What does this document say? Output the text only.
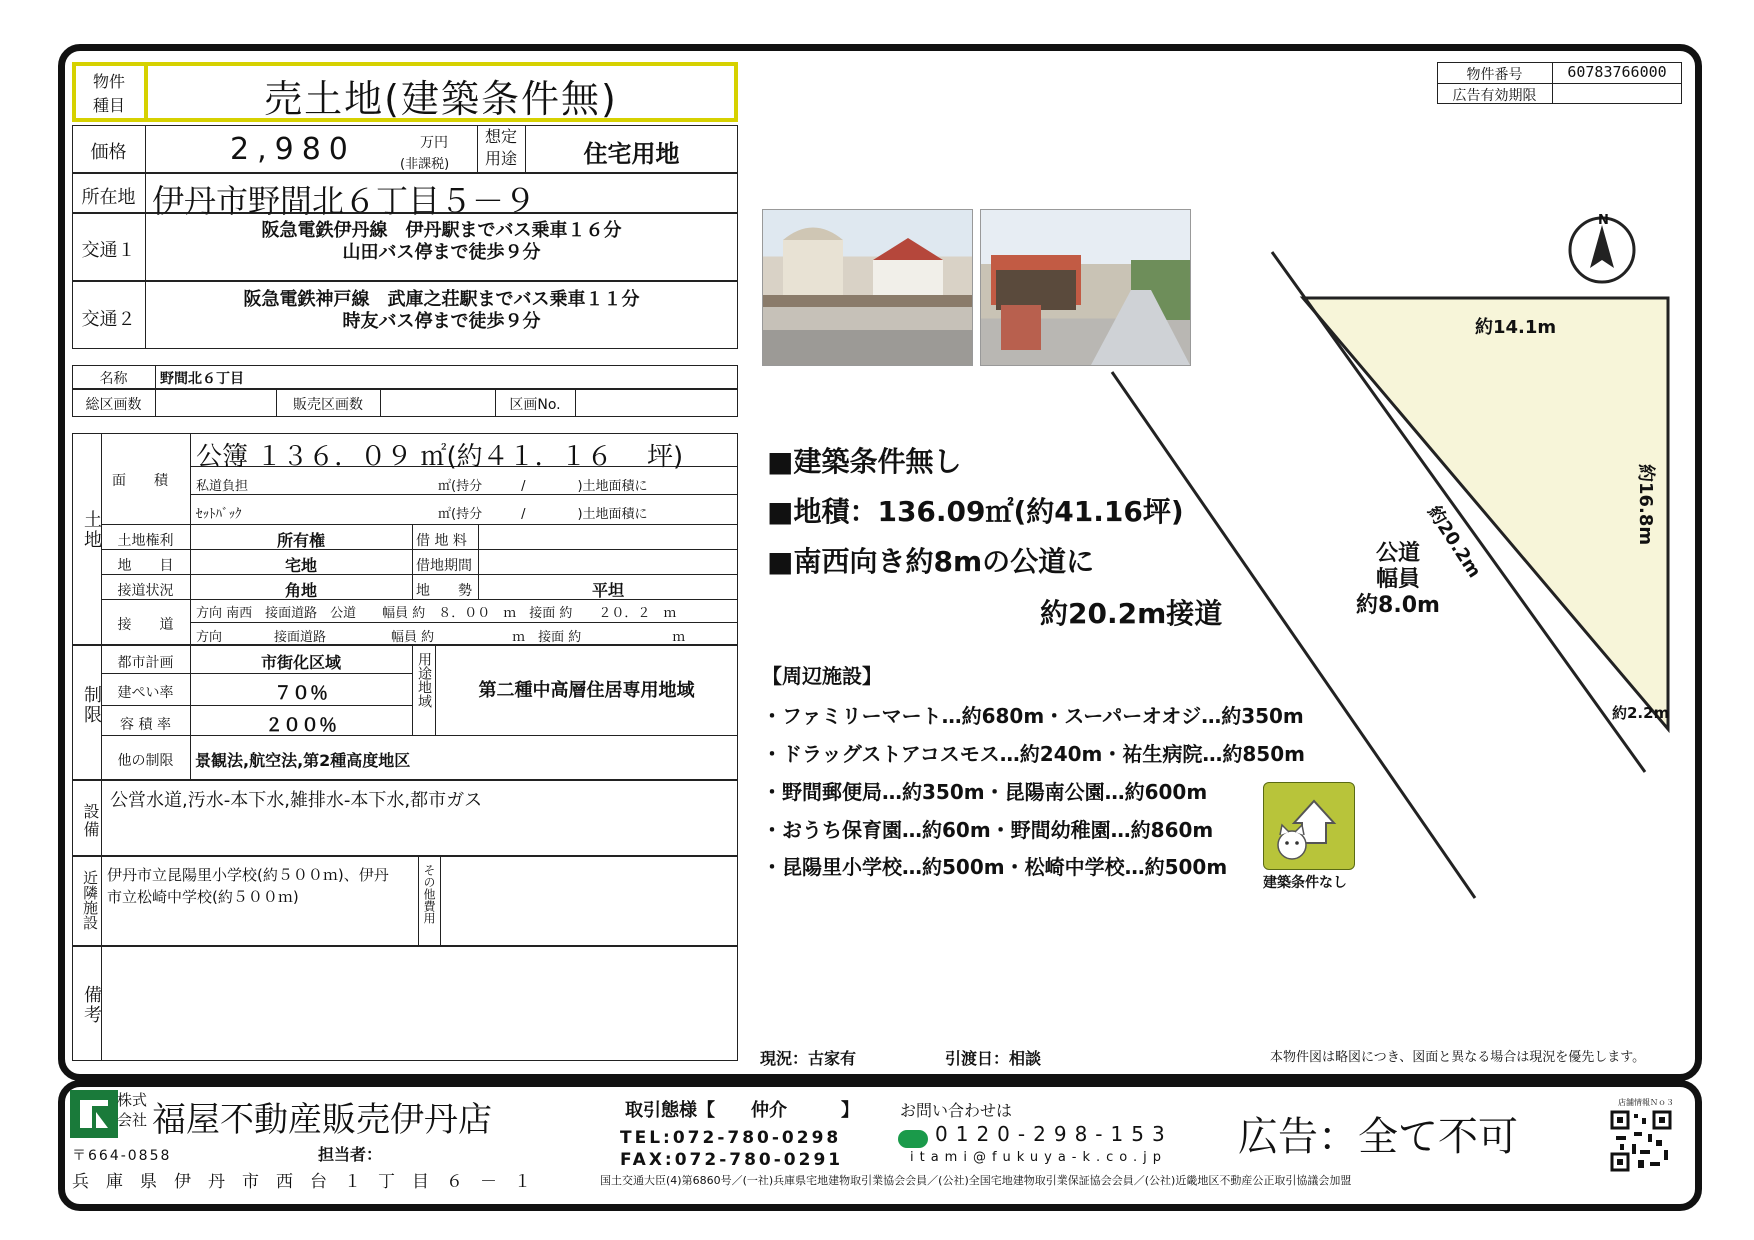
物件
種目	売土地(建築条件無)
価格	2,980	万円
(非課税)
想定
用途	住宅用地
所在地 伊丹市野間北６丁目５－９
交通１
阪急電鉄伊丹線　伊丹駅までバス乗車１６分
山田バス停まで徒歩９分
交通２
阪急電鉄神戸線　武庫之荘駅までバス乗車１１分
時友バス停まで徒歩９分
名称	野間北６丁目
総区画数	販売区画数	区画No.
土地
面　　積
公簿 １３６．０９ ㎡(約４１．１６ 　坪)
私道負担	㎡(持分　　　/　　　　)土地面積に
ｾｯﾄﾊﾞｯｸ	㎡(持分　　　/　　　　)土地面積に
土地権利	所有権	借 地 料
地　　目	宅地	借地期間
接道状況	角地	地　　勢	平坦
接　　道
方向 南西　接面道路　公道　　幅員 約　８．００　ｍ　接面 約　　２０．２　ｍ
方向　　　　接面道路　　　　　幅員 約　　　　　　ｍ　接面 約　　　　　　　ｍ
制限
都市計画	市街化区域
建ぺい率	７０％
容 積 率	２００％
用途地域	第二種中高層住居専用地域
他の制限	景観法,航空法,第2種高度地区
設備
公営水道,汚水-本下水,雑排水-本下水,都市ガス
近隣施設 伊丹市立昆陽里小学校(約５００ｍ)、伊丹
市立松崎中学校(約５００ｍ)	その他費用
備考
物件番号	60783766000
広告有効期限
■建築条件無し
■地積：136.09㎡(約41.16坪)
■南西向き約8mの公道に
約20.2m接道
【周辺施設】
・ファミリーマート…約680m・スーパーオオジ…約350m
・ドラッグストアコスモス…約240m・祐生病院…約850m
・野間郵便局…約350m・昆陽南公園…約600m
・おうち保育園…約60m・野間幼稚園…約860m
・昆陽里小学校…約500m・松崎中学校…約500m
建築条件なし
N
約14.1m
約20.2m	約16.8m
約2.2m
公道
幅員
約8.0m
現況：古家有	引渡日：相談	本物件図は略図につき、図面と異なる場合は現況を優先します。
株式
会社 福屋不動産販売伊丹店
〒664-0858	担当者：
兵　庫　県　伊　丹　市　西　台　１　丁　目　６　－　１
取引態様【　　仲介　　　】	お問い合わせは
TEL:072-780-0298
FAX:072-780-0291
0120-298-153
itami@fukuya-k.co.jp 広告：全て不可
国土交通大臣(4)第6860号／(一社)兵庫県宅地建物取引業協会会員／(公社)全国宅地建物取引業保証協会会員／(公社)近畿地区不動産公正取引協議会加盟
店舗情報Ｎｏ３
